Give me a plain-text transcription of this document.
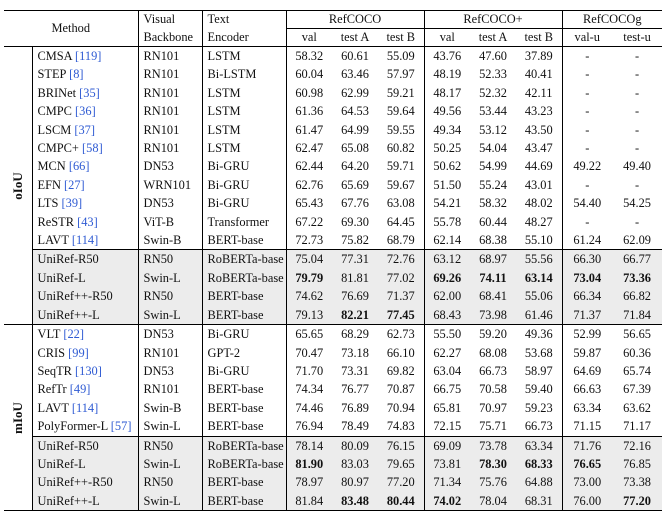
Method		Visual	Text	RefCOCO			RefCOCO+			RefCOCOg	
		Backbone	Encoder	val	test A	test B	val	test A	test B	val-u	test-u

oIoU	CMSA [119]	RN101	LSTM	58.32	60.61	55.09	43.76	47.60	37.89	-	-
	STEP [8]	RN101	Bi-LSTM	60.04	63.46	57.97	48.19	52.33	40.41	-	-
	BRINet [35]	RN101	LSTM	60.98	62.99	59.21	48.17	52.32	42.11	-	-
	CMPC [36]	RN101	LSTM	61.36	64.53	59.64	49.56	53.44	43.23	-	-
	LSCM [37]	RN101	LSTM	61.47	64.99	59.55	49.34	53.12	43.50	-	-
	CMPC+ [58]	RN101	LSTM	62.47	65.08	60.82	50.25	54.04	43.47	-	-
	MCN [66]	DN53	Bi-GRU	62.44	64.20	59.71	50.62	54.99	44.69	49.22	49.40
	EFN [27]	WRN101	Bi-GRU	62.76	65.69	59.67	51.50	55.24	43.01	-	-
	LTS [39]	DN53	Bi-GRU	65.43	67.76	63.08	54.21	58.32	48.02	54.40	54.25
	ReSTR [43]	ViT-B	Transformer	67.22	69.30	64.45	55.78	60.44	48.27	-	-
	LAVT [114]	Swin-B	BERT-base	72.73	75.82	68.79	62.14	68.38	55.10	61.24	62.09
	UniRef-R50	RN50	RoBERTa-base	75.04	77.31	72.76	63.12	68.97	55.56	66.30	66.77
	UniRef-L	Swin-L	RoBERTa-base	79.79	81.81	77.02	69.26	74.11	63.14	73.04	73.36
	UniRef++-R50	RN50	BERT-base	74.62	76.69	71.37	62.00	68.41	55.06	66.34	66.82
	UniRef++-L	Swin-L	BERT-base	79.13	82.21	77.45	68.43	73.98	61.46	71.37	71.84

mIoU	VLT [22]	DN53	Bi-GRU	65.65	68.29	62.73	55.50	59.20	49.36	52.99	56.65
	CRIS [99]	RN101	GPT-2	70.47	73.18	66.10	62.27	68.08	53.68	59.87	60.36
	SeqTR [130]	DN53	Bi-GRU	71.70	73.31	69.82	63.04	66.73	58.97	64.69	65.74
	RefTr [49]	RN101	BERT-base	74.34	76.77	70.87	66.75	70.58	59.40	66.63	67.39
	LAVT [114]	Swin-B	BERT-base	74.46	76.89	70.94	65.81	70.97	59.23	63.34	63.62
	PolyFormer-L [57]	Swin-L	BERT-base	76.94	78.49	74.83	72.15	75.71	66.73	71.15	71.17
	UniRef-R50	RN50	RoBERTa-base	78.14	80.09	76.15	69.09	73.78	63.34	71.76	72.16
	UniRef-L	Swin-L	RoBERTa-base	81.90	83.03	79.65	73.81	78.30	68.33	76.65	76.85
	UniRef++-R50	RN50	BERT-base	78.97	80.97	77.20	71.34	75.76	64.88	73.00	73.38
	UniRef++-L	Swin-L	BERT-base	81.84	83.48	80.44	74.02	78.04	68.31	76.00	77.20
